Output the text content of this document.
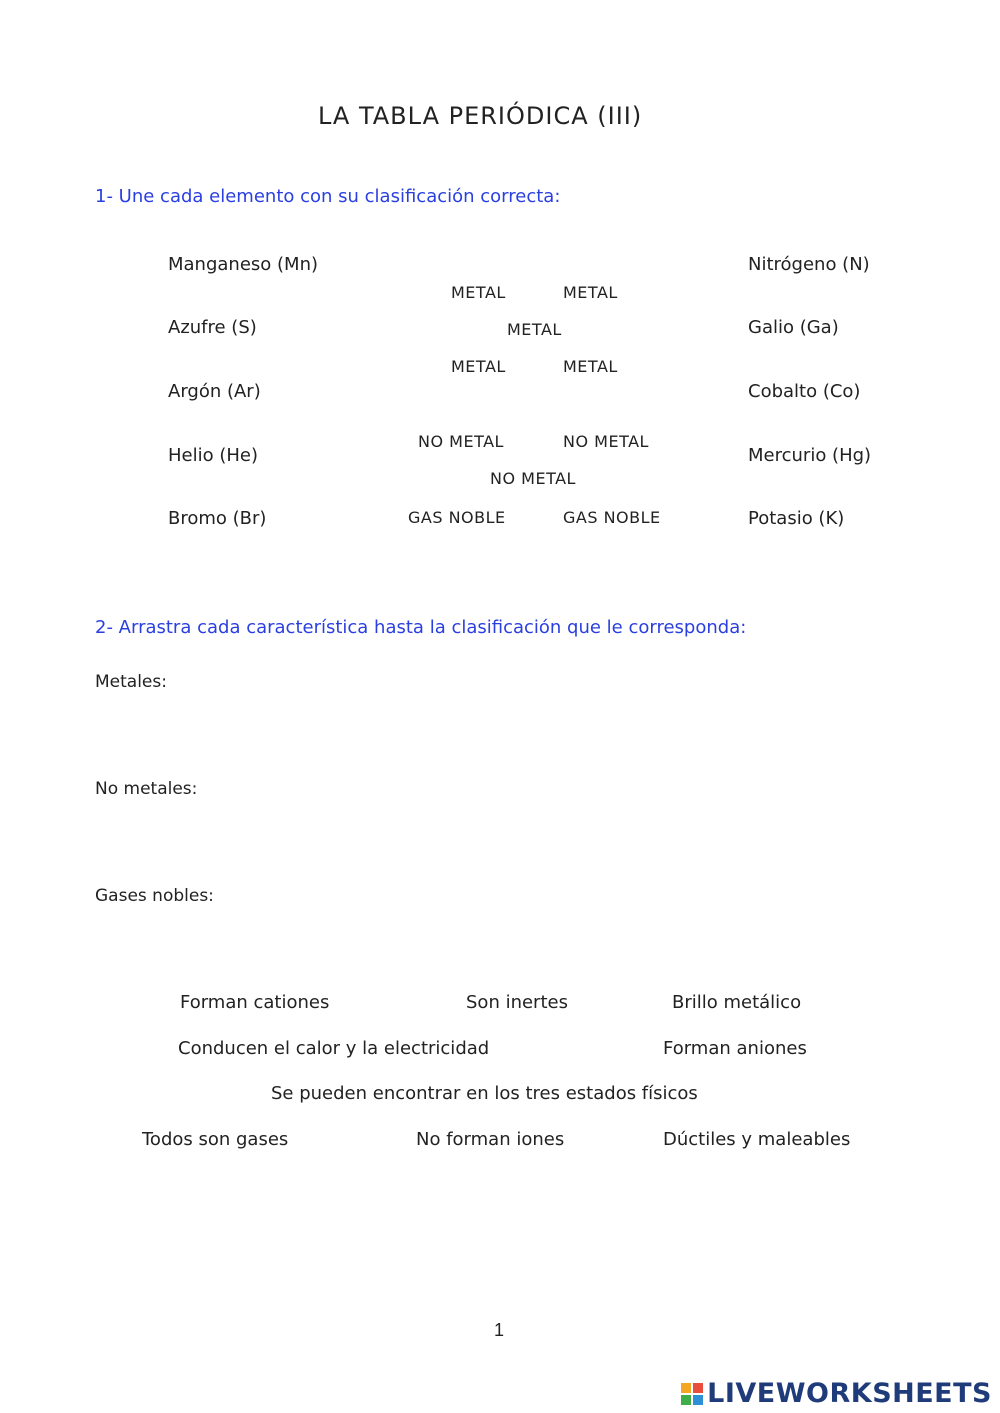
LA TABLA PERIÓDICA (III)
1- Une cada elemento con su clasificación correcta:
Manganeso (Mn)
Azufre (S)
Argón (Ar)
Helio (He)
Bromo (Br)
Nitrógeno (N)
Galio (Ga)
Cobalto (Co)
Mercurio (Hg)
Potasio (K)
METAL	METAL
METAL
METAL	METAL
NO METAL	NO METAL
NO METAL
GAS NOBLE	GAS NOBLE
2- Arrastra cada característica hasta la clasificación que le corresponda:
Metales:
No metales:
Gases nobles:
Forman cationes	Son inertes	Brillo metálico
Conducen el calor y la electricidad	Forman aniones
Se pueden encontrar en los tres estados físicos
Todos son gases	No forman iones	Dúctiles y maleables
1
LIVEWORKSHEETS
